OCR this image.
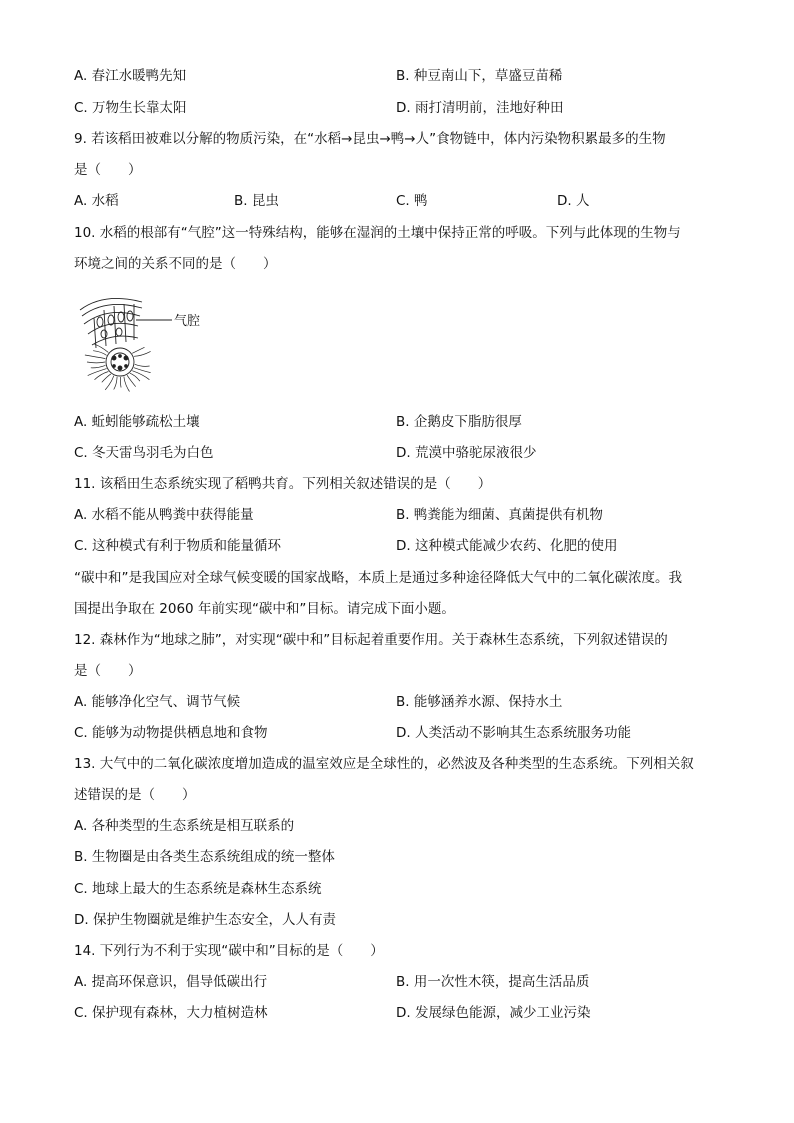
A. 春江水暖鸭先知	B. 种豆南山下，草盛豆苗稀
C. 万物生长靠太阳	D. 雨打清明前，洼地好种田
9. 若该稻田被难以分解的物质污染，在“水稻→昆虫→鸭→人”食物链中，体内污染物积累最多的生物
是（　　）
A. 水稻	B. 昆虫	C. 鸭	D. 人
10. 水稻的根部有“气腔”这一特殊结构，能够在湿润的土壤中保持正常的呼吸。下列与此体现的生物与
环境之间的关系不同的是（　　）
气腔
A. 蚯蚓能够疏松土壤	B. 企鹅皮下脂肪很厚
C. 冬天雷鸟羽毛为白色	D. 荒漠中骆驼尿液很少
11. 该稻田生态系统实现了稻鸭共育。下列相关叙述错误的是（　　）
A. 水稻不能从鸭粪中获得能量	B. 鸭粪能为细菌、真菌提供有机物
C. 这种模式有利于物质和能量循环	D. 这种模式能减少农药、化肥的使用
“碳中和”是我国应对全球气候变暖的国家战略，本质上是通过多种途径降低大气中的二氧化碳浓度。我
国提出争取在 2060 年前实现“碳中和”目标。请完成下面小题。
12. 森林作为“地球之肺”，对实现“碳中和”目标起着重要作用。关于森林生态系统，下列叙述错误的
是（　　）
A. 能够净化空气、调节气候	B. 能够涵养水源、保持水土
C. 能够为动物提供栖息地和食物	D. 人类活动不影响其生态系统服务功能
13. 大气中的二氧化碳浓度增加造成的温室效应是全球性的，必然波及各种类型的生态系统。下列相关叙
述错误的是（　　）
A. 各种类型的生态系统是相互联系的
B. 生物圈是由各类生态系统组成的统一整体
C. 地球上最大的生态系统是森林生态系统
D. 保护生物圈就是维护生态安全，人人有责
14. 下列行为不利于实现“碳中和”目标的是（　　）
A. 提高环保意识，倡导低碳出行	B. 用一次性木筷，提高生活品质
C. 保护现有森林，大力植树造林	D. 发展绿色能源，减少工业污染
